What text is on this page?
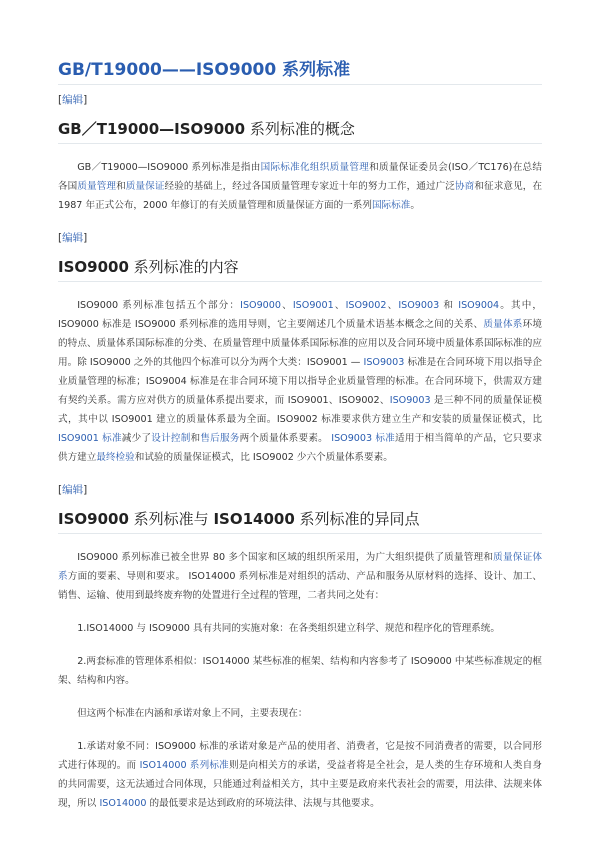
GB/T19000——ISO9000 系列标准
[编辑]
GB／T19000—ISO9000 系列标准的概念

GB／T19000—ISO9000 系列标准是指由国际标准化组织质量管理和质量保证委员会(ISO／TC176)在总结各国质量管理和质量保证经验的基础上，经过各国质量管理专家近十年的努力工作，通过广泛协商和征求意见，在 1987 年正式公布，2000 年修订的有关质量管理和质量保证方面的一系列国际标准。

[编辑]
ISO9000 系列标准的内容

ISO9000 系列标准包括五个部分：ISO9000、ISO9001、ISO9002、ISO9003 和 ISO9004。其中， ISO9000 标准是 ISO9000 系列标准的选用导则，它主要阐述几个质量术语基本概念之间的关系、质量体系环境的特点、质量体系国际标准的分类、在质量管理中质量体系国际标准的应用以及合同环境中质量体系国际标准的应用。除 ISO9000 之外的其他四个标准可以分为两个大类：ISO9001 — ISO9003 标准是在合同环境下用以指导企业质量管理的标准；ISO9004 标准是在非合同环境下用以指导企业质量管理的标准。在合同环境下，供需双方建有契约关系。需方应对供方的质量体系提出要求，而 ISO9001、ISO9002、ISO9003 是三种不同的质量保证模式，其中以 ISO9001 建立的质量体系最为全面。ISO9002 标准要求供方建立生产和安装的质量保证模式，比 ISO9001 标准减少了设计控制和售后服务两个质量体系要素。 ISO9003 标准适用于相当简单的产品，它只要求供方建立最终检验和试验的质量保证模式，比 ISO9002 少六个质量体系要素。

[编辑]
ISO9000 系列标准与 ISO14000 系列标准的异同点

ISO9000 系列标准已被全世界 80 多个国家和区域的组织所采用，为广大组织提供了质量管理和质量保证体系方面的要素、导则和要求。 ISO14000 系列标准是对组织的活动、产品和服务从原材料的选择、设计、加工、销售、运输、使用到最终废弃物的处置进行全过程的管理，二者共同之处有：

1.ISO14000 与 ISO9000 具有共同的实施对象：在各类组织建立科学、规范和程序化的管理系统。

2.两套标准的管理体系相似：ISO14000 某些标准的框架、结构和内容参考了 ISO9000 中某些标准规定的框架、结构和内容。

但这两个标准在内涵和承诺对象上不同，主要表现在：

1.承诺对象不同：ISO9000 标准的承诺对象是产品的使用者、消费者，它是按不同消费者的需要，以合同形式进行体现的。而 ISO14000 系列标准则是向相关方的承诺，受益者将是全社会，是人类的生存环境和人类自身的共同需要，这无法通过合同体现，只能通过利益相关方，其中主要是政府来代表社会的需要，用法律、法规来体现，所以 ISO14000 的最低要求是达到政府的环境法律、法规与其他要求。
